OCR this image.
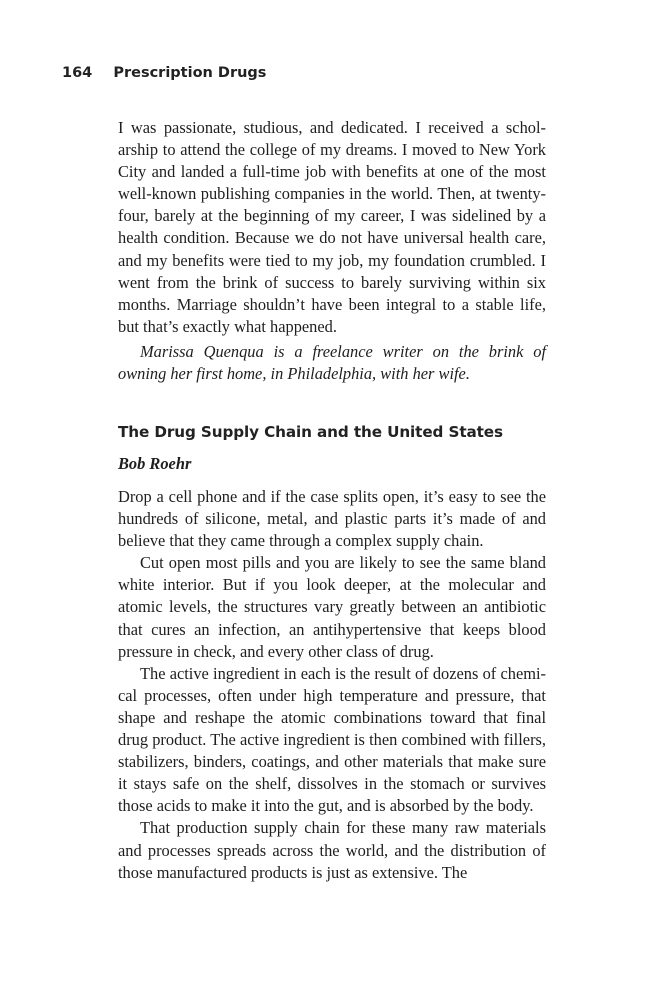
164 Prescription Drugs

I was passionate, studious, and dedicated. I received a scholarship to attend the college of my dreams. I moved to New York City and landed a full-time job with benefits at one of the most well-known publishing companies in the world. Then, at twenty-four, barely at the beginning of my career, I was sidelined by a health condition. Because we do not have universal health care, and my benefits were tied to my job, my foundation crumbled. I went from the brink of success to barely surviving within six months. Marriage shouldn’t have been integral to a stable life, but that’s exactly what happened.

Marissa Quenqua is a freelance writer on the brink of owning her first home, in Philadelphia, with her wife.

The Drug Supply Chain and the United States
Bob Roehr

Drop a cell phone and if the case splits open, it’s easy to see the hundreds of silicone, metal, and plastic parts it’s made of and believe that they came through a complex supply chain.

Cut open most pills and you are likely to see the same bland white interior. But if you look deeper, at the molecular and atomic levels, the structures vary greatly between an antibiotic that cures an infection, an antihypertensive that keeps blood pressure in check, and every other class of drug.

The active ingredient in each is the result of dozens of chemical processes, often under high temperature and pressure, that shape and reshape the atomic combinations toward that final drug product. The active ingredient is then combined with fillers, stabilizers, binders, coatings, and other materials that make sure it stays safe on the shelf, dissolves in the stomach or survives those acids to make it into the gut, and is absorbed by the body.

That production supply chain for these many raw materials and processes spreads across the world, and the distribution of those manufactured products is just as extensive. The
